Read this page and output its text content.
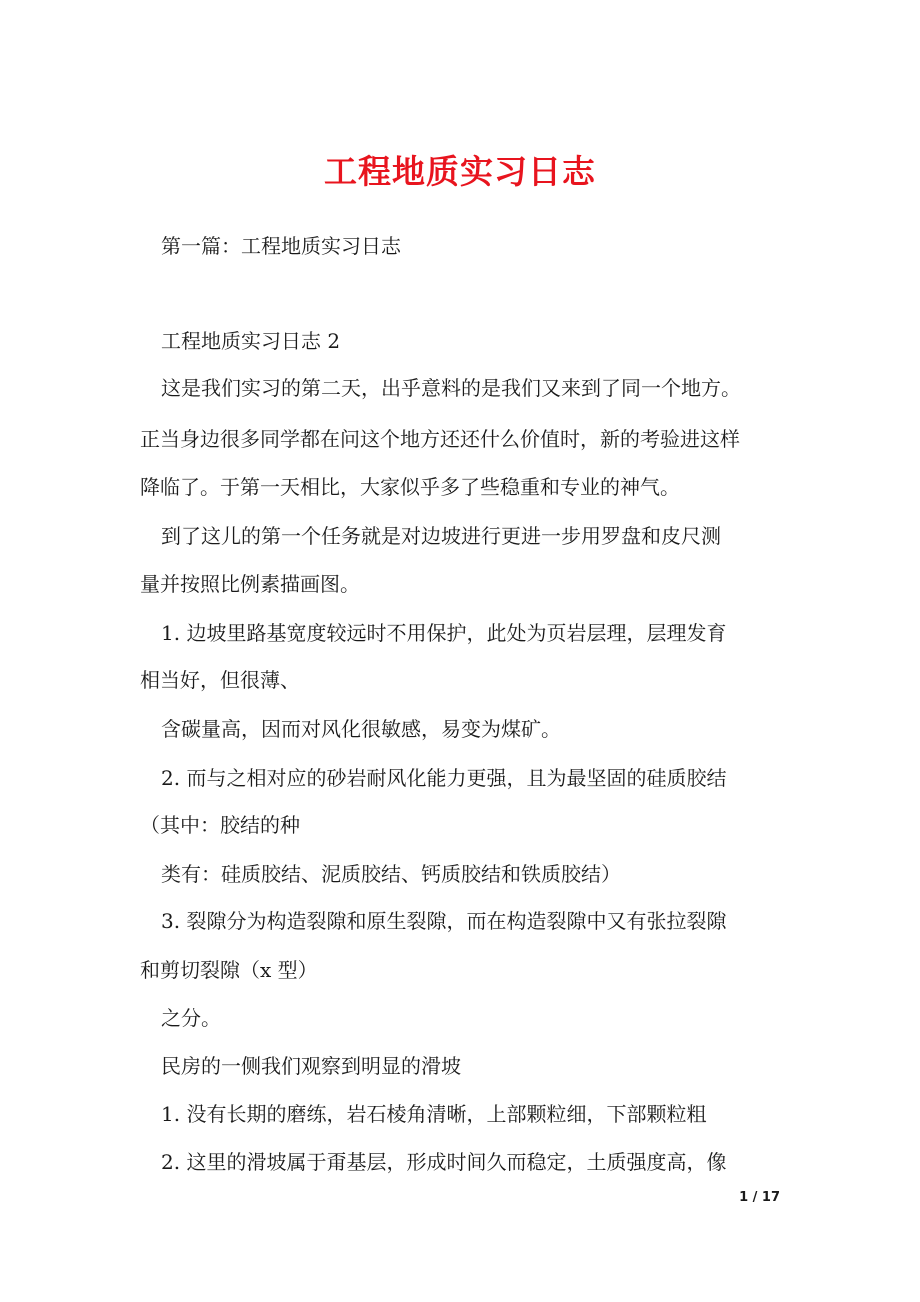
工程地质实习日志
第一篇：工程地质实习日志
工程地质实习日志 2
这是我们实习的第二天，出乎意料的是我们又来到了同一个地方。
正当身边很多同学都在问这个地方还还什么价值时，新的考验进这样
降临了。于第一天相比，大家似乎多了些稳重和专业的神气。
到了这儿的第一个任务就是对边坡进行更进一步用罗盘和皮尺测
量并按照比例素描画图。
1. 边坡里路基宽度较远时不用保护，此处为页岩层理，层理发育
相当好，但很薄、
含碳量高，因而对风化很敏感，易变为煤矿。
2. 而与之相对应的砂岩耐风化能力更强，且为最坚固的硅质胶结
（其中：胶结的种
类有：硅质胶结、泥质胶结、钙质胶结和铁质胶结）
3. 裂隙分为构造裂隙和原生裂隙，而在构造裂隙中又有张拉裂隙
和剪切裂隙（x 型）
之分。
民房的一侧我们观察到明显的滑坡
1. 没有长期的磨练，岩石棱角清晰，上部颗粒细，下部颗粒粗
2. 这里的滑坡属于甭基层，形成时间久而稳定，土质强度高，像
1 / 17
